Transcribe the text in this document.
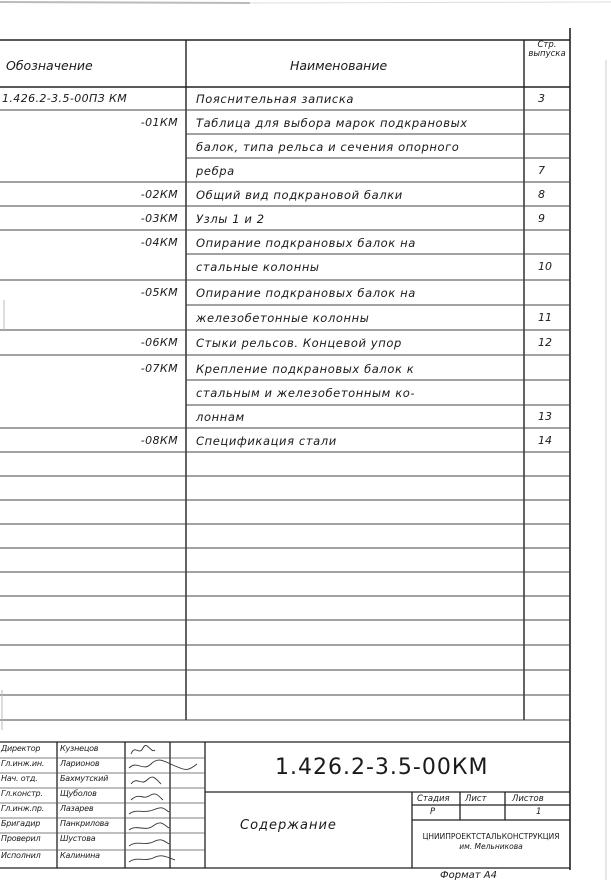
Обозначение	Наименование
Стр. выпуска
1.426.2-3.5-00ПЗ КМ	Пояснительная записка	3
-01КМ Таблица для выбора марок подкрановых
балок, типа рельса и сечения опорного
ребра	7
-02КМ Общий вид подкрановой балки	8
-03КМ Узлы 1 и 2	9
-04КМ Опирание подкрановых балок на
стальные колонны	10
-05КМ Опирание подкрановых балок на
железобетонные колонны	11
-06КМ Стыки рельсов. Концевой упор	12
-07КМ Крепление подкрановых балок к
стальным и железобетонным ко-
лоннам	13
-08КМ Спецификация стали	14
Директор Кузнецов
Гл.инж.ин. Ларионов
Нач. отд.	Бахмутский
Гл.констр. Щуболов
Гл.инж.пр. Лазарев
Бригадир Панкрилова
Проверил Шустова
Исполнил Калинина
1.426.2-3.5-00КМ
Содержание
Стадия Лист	Листов
Р	1
ЦНИИПРОЕКТСТАЛЬКОНСТРУКЦИЯ
им. Мельникова
Формат А4
